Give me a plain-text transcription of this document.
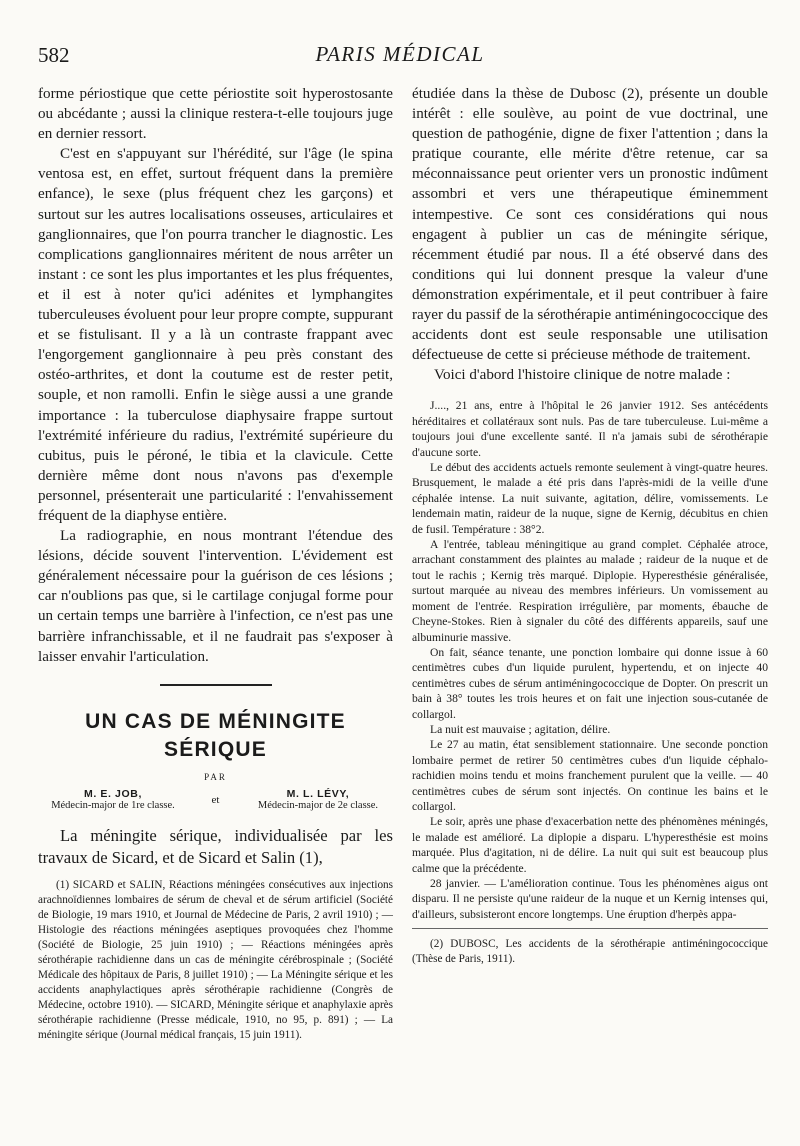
582	PARIS MÉDICAL

forme périostique que cette périostite soit hyperostosante ou abcédante ; aussi la clinique restera-t-elle toujours juge en dernier ressort.

C'est en s'appuyant sur l'hérédité, sur l'âge (le spina ventosa est, en effet, surtout fréquent dans la première enfance), le sexe (plus fréquent chez les garçons) et surtout sur les autres localisations osseuses, articulaires et ganglionnaires, que l'on pourra trancher le diagnostic. Les complications ganglionnaires méritent de nous arrêter un instant : ce sont les plus importantes et les plus fréquentes, et il est à noter qu'ici adénites et lymphangites tuberculeuses évoluent pour leur propre compte, suppurant et se fistulisant. Il y a là un contraste frappant avec l'engorgement ganglionnaire à peu près constant des ostéo-arthrites, et dont la coutume est de rester petit, souple, et non ramolli. Enfin le siège aussi a une grande importance : la tuberculose diaphysaire frappe surtout l'extrémité inférieure du radius, l'extrémité supérieure du cubitus, puis le péroné, le tibia et la clavicule. Cette dernière même dont nous n'avons pas d'exemple personnel, présenterait une particularité : l'envahissement fréquent de la diaphyse entière.

La radiographie, en nous montrant l'étendue des lésions, décide souvent l'intervention. L'évidement est généralement nécessaire pour la guérison de ces lésions ; car n'oublions pas que, si le cartilage conjugal forme pour un certain temps une barrière à l'infection, ce n'est pas une barrière infranchissable, et il ne faudrait pas s'exposer à laisser envahir l'articulation.

UN CAS DE MÉNINGITE
SÉRIQUE
PAR
M. E. JOB,
Médecin-major de 1re classe.	et	M. L. LÉVY,
Médecin-major de 2e classe.

La méningite sérique, individualisée par les travaux de Sicard, et de Sicard et Salin (1),

(1) SICARD et SALIN, Réactions méningées consécutives aux injections arachnoïdiennes lombaires de sérum de cheval et de sérum artificiel (Société de Biologie, 19 mars 1910, et Journal de Médecine de Paris, 2 avril 1910) ; — Histologie des réactions méningées aseptiques provoquées chez l'homme (Société de Biologie, 25 juin 1910) ; — Réactions méningées après sérothérapie rachidienne dans un cas de méningite cérébrospinale ; (Société Médicale des hôpitaux de Paris, 8 juillet 1910) ; — La Méningite sérique et les accidents anaphylactiques après sérothérapie rachidienne (Congrès de Médecine, octobre 1910). — SICARD, Méningite sérique et anaphylaxie après sérothérapie rachidienne (Presse médicale, 1910, no 95, p. 891) ; — La méningite sérique (Journal médical français, 15 juin 1911).

étudiée dans la thèse de Dubosc (2), présente un double intérêt : elle soulève, au point de vue doctrinal, une question de pathogénie, digne de fixer l'attention ; dans la pratique courante, elle mérite d'être retenue, car sa méconnaissance peut orienter vers un pronostic indûment assombri et vers une thérapeutique éminemment intempestive. Ce sont ces considérations qui nous engagent à publier un cas de méningite sérique, récemment étudié par nous. Il a été observé dans des conditions qui lui donnent presque la valeur d'une démonstration expérimentale, et il peut contribuer à faire rayer du passif de la sérothérapie antiméningococcique des accidents dont est seule responsable une utilisation défectueuse de cette si précieuse méthode de traitement.

Voici d'abord l'histoire clinique de notre malade :

J...., 21 ans, entre à l'hôpital le 26 janvier 1912. Ses antécédents héréditaires et collatéraux sont nuls. Pas de tare tuberculeuse. Lui-même a toujours joui d'une excellente santé. Il n'a jamais subi de sérothérapie d'aucune sorte.

Le début des accidents actuels remonte seulement à vingt-quatre heures. Brusquement, le malade a été pris dans l'après-midi de la veille d'une céphalée intense. La nuit suivante, agitation, délire, vomissements. Le lendemain matin, raideur de la nuque, signe de Kernig, décubitus en chien de fusil. Température : 38°2.

A l'entrée, tableau méningitique au grand complet. Céphalée atroce, arrachant constamment des plaintes au malade ; raideur de la nuque et de tout le rachis ; Kernig très marqué. Diplopie. Hyperesthésie généralisée, surtout marquée au niveau des membres inférieurs. Un vomissement au moment de l'entrée. Respiration irrégulière, par moments, ébauche de Cheyne-Stokes. Rien à signaler du côté des différents appareils, sauf une albuminurie massive.

On fait, séance tenante, une ponction lombaire qui donne issue à 60 centimètres cubes d'un liquide purulent, hypertendu, et on injecte 40 centimètres cubes de sérum antiméningococcique de Dopter. On prescrit un bain à 38° toutes les trois heures et on fait une injection sous-cutanée de collargol.

La nuit est mauvaise ; agitation, délire.

Le 27 au matin, état sensiblement stationnaire. Une seconde ponction lombaire permet de retirer 50 centimètres cubes d'un liquide céphalo-rachidien moins tendu et moins franchement purulent que la veille. — 40 centimètres cubes de sérum sont injectés. On continue les bains et le collargol.

Le soir, après une phase d'exacerbation nette des phénomènes méningés, le malade est amélioré. La diplopie a disparu. L'hyperesthésie est moins marquée. Plus d'agitation, ni de délire. La nuit qui suit est beaucoup plus calme que la précédente.

28 janvier. — L'amélioration continue. Tous les phénomènes aigus ont disparu. Il ne persiste qu'une raideur de la nuque et un Kernig intenses qui, d'ailleurs, subsisteront encore longtemps. Une éruption d'herpès appa-

(2) DUBOSC, Les accidents de la sérothérapie antiméningococcique (Thèse de Paris, 1911).
